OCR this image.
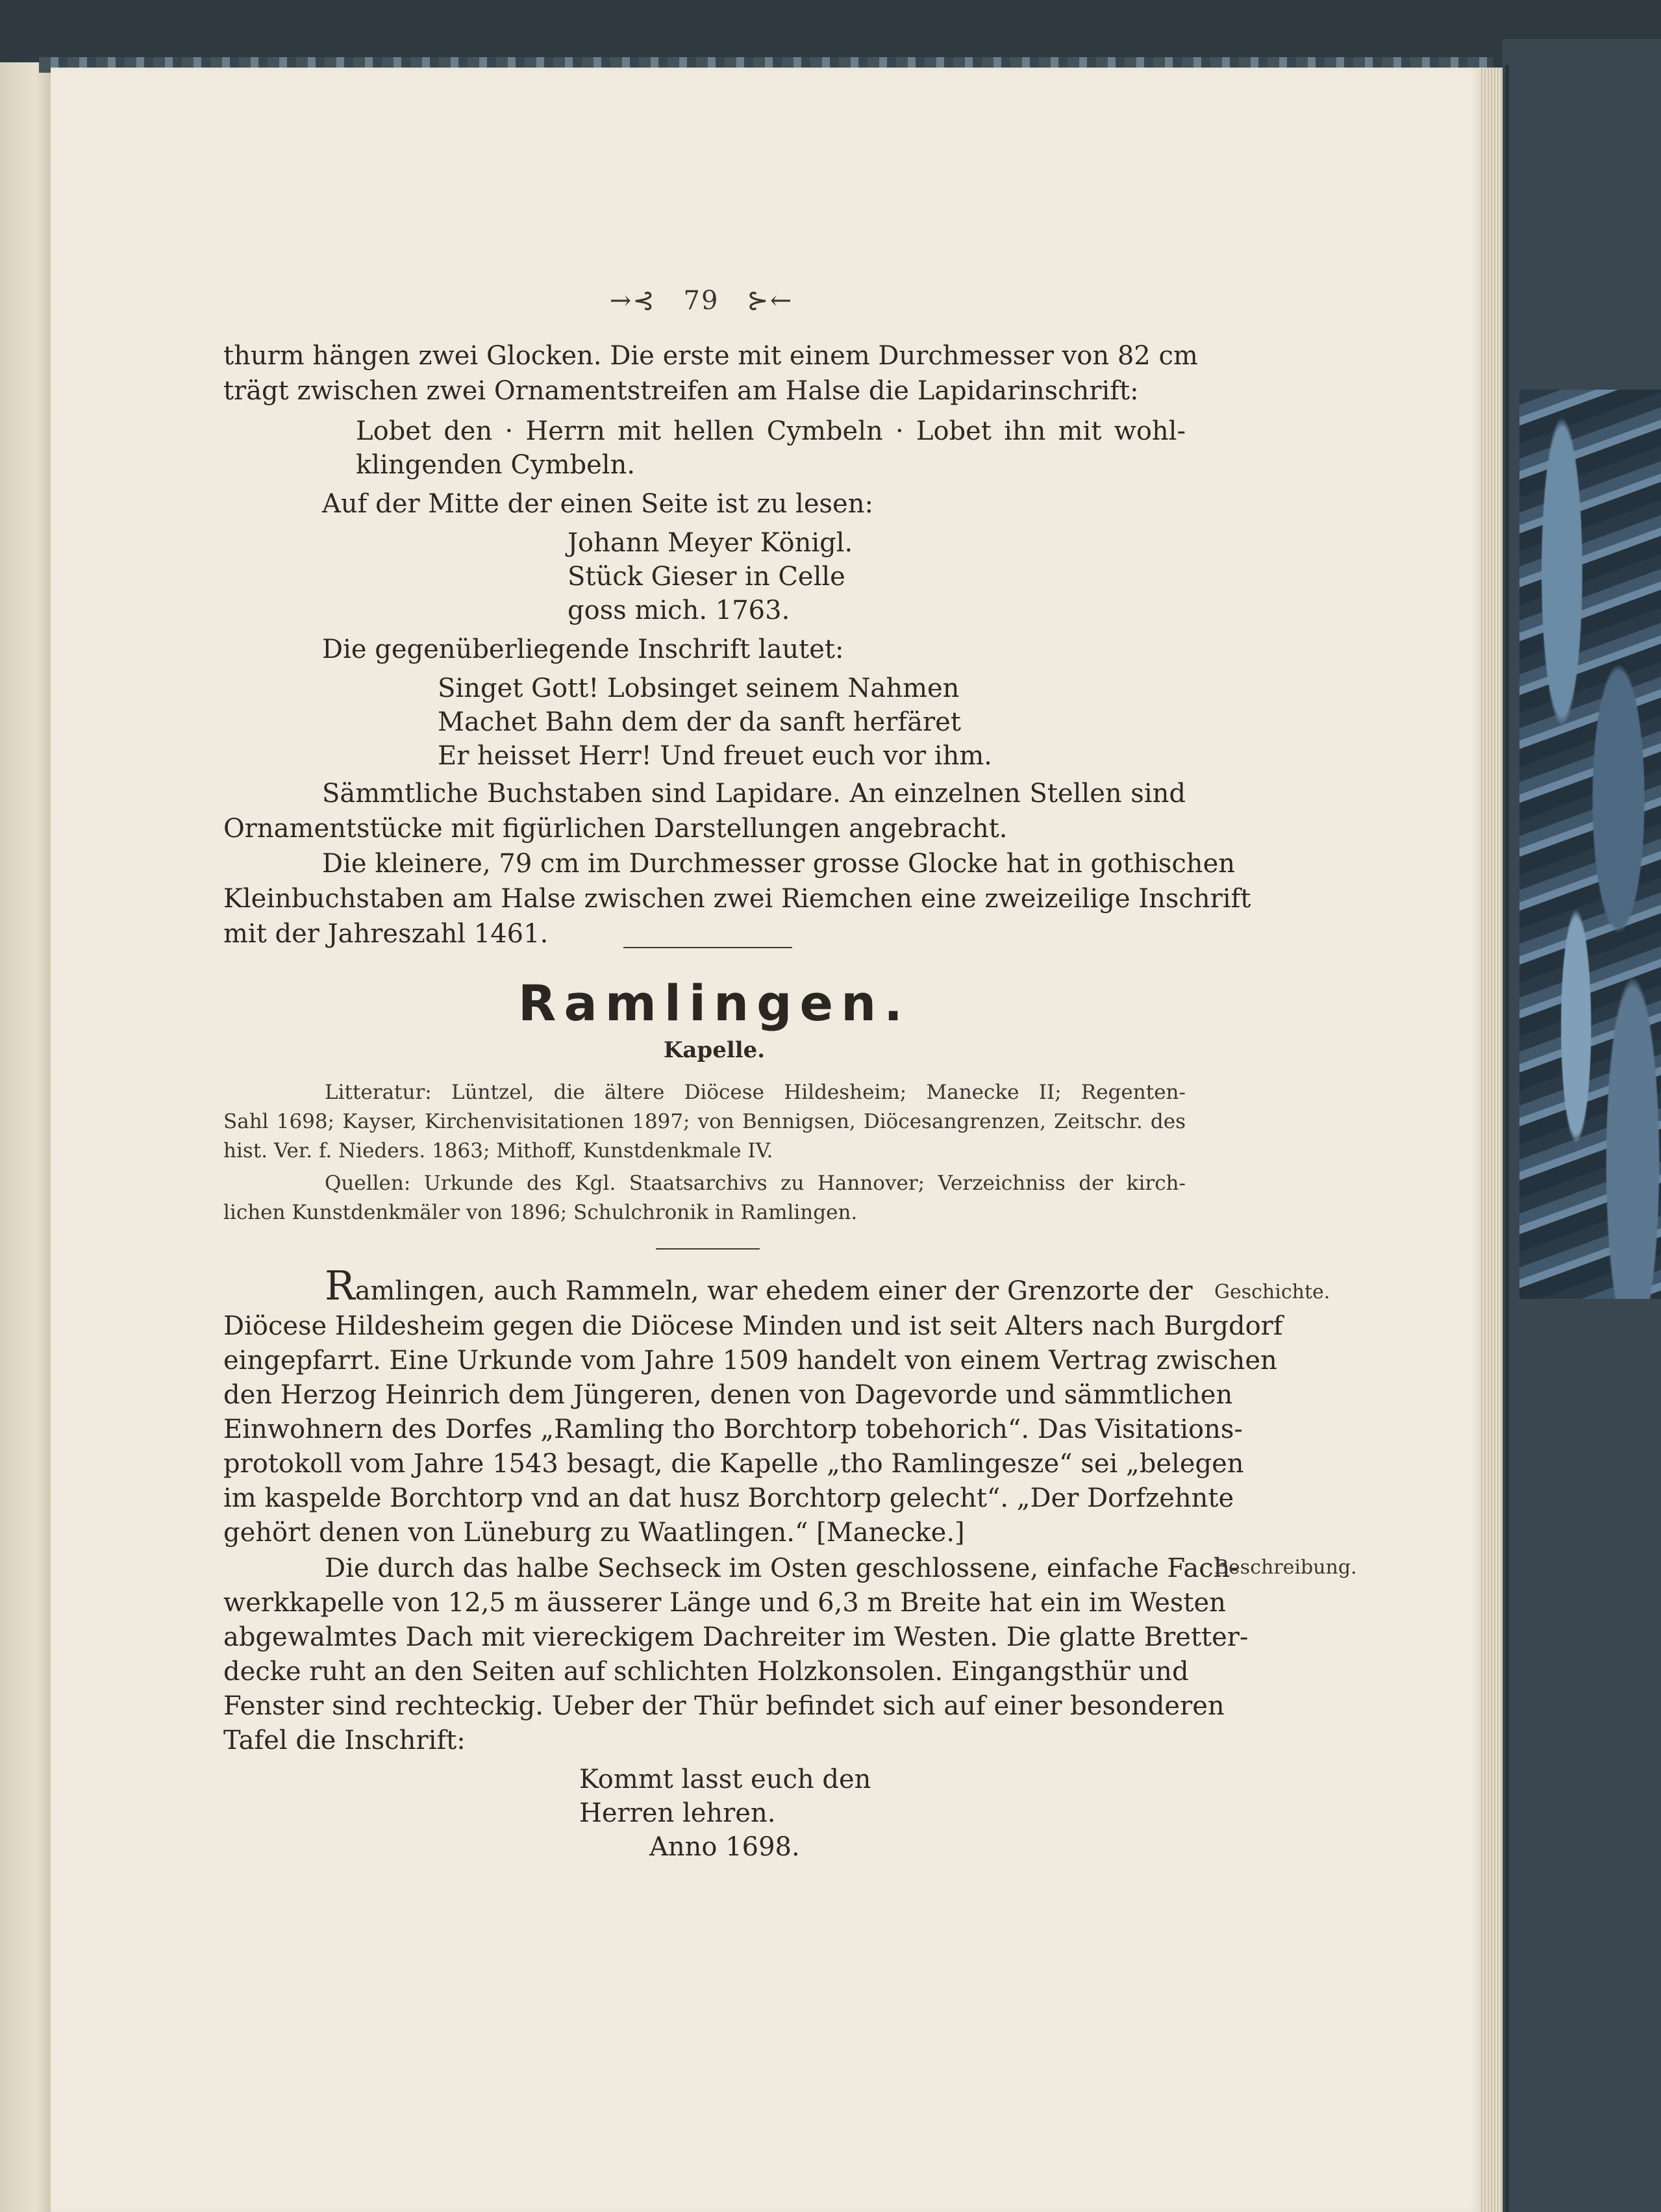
→⁠⁠⊰ 79 ⊱←
thurm hängen zwei Glocken. Die erste mit einem Durchmesser von 82 cm
trägt zwischen zwei Ornamentstreifen am Halse die Lapidarinschrift:
Lobet den · Herrn mit hellen Cymbeln · Lobet ihn mit wohl-
klingenden Cymbeln.
Auf der Mitte der einen Seite ist zu lesen:
Johann Meyer Königl.
Stück Gieser in Celle
goss mich. 1763.
Die gegenüberliegende Inschrift lautet:
Singet Gott! Lobsinget seinem Nahmen
Machet Bahn dem der da sanft herfäret
Er heisset Herr! Und freuet euch vor ihm.
Sämmtliche Buchstaben sind Lapidare. An einzelnen Stellen sind
Ornamentstücke mit figürlichen Darstellungen angebracht.
Die kleinere, 79 cm im Durchmesser grosse Glocke hat in gothischen
Kleinbuchstaben am Halse zwischen zwei Riemchen eine zweizeilige Inschrift
mit der Jahreszahl 1461.
Ramlingen.
Kapelle.
Litteratur: Lüntzel, die ältere Diöcese Hildesheim; Manecke II; Regenten-
Sahl 1698; Kayser, Kirchenvisitationen 1897; von Bennigsen, Diöcesangrenzen, Zeitschr. des
hist. Ver. f. Nieders. 1863; Mithoff, Kunstdenkmale IV.
Quellen: Urkunde des Kgl. Staatsarchivs zu Hannover; Verzeichniss der kirch-
lichen Kunstdenkmäler von 1896; Schulchronik in Ramlingen.
Ramlingen, auch Rammeln, war ehedem einer der Grenzorte der
Diöcese Hildesheim gegen die Diöcese Minden und ist seit Alters nach Burgdorf
eingepfarrt. Eine Urkunde vom Jahre 1509 handelt von einem Vertrag zwischen
den Herzog Heinrich dem Jüngeren, denen von Dagevorde und sämmtlichen
Einwohnern des Dorfes „Ramling tho Borchtorp tobehorich“. Das Visitations-
protokoll vom Jahre 1543 besagt, die Kapelle „tho Ramlingesze“ sei „belegen
im kaspelde Borchtorp vnd an dat husz Borchtorp gelecht“. „Der Dorfzehnte
gehört denen von Lüneburg zu Waatlingen.“ [Manecke.]
Die durch das halbe Sechseck im Osten geschlossene, einfache Fach-
werkkapelle von 12,5 m äusserer Länge und 6,3 m Breite hat ein im Westen
abgewalmtes Dach mit viereckigem Dachreiter im Westen. Die glatte Bretter-
decke ruht an den Seiten auf schlichten Holzkonsolen. Eingangsthür und
Fenster sind rechteckig. Ueber der Thür befindet sich auf einer besonderen
Tafel die Inschrift:
Kommt lasst euch den
Herren lehren.
Anno 1698.
Geschichte.
Beschreibung.
